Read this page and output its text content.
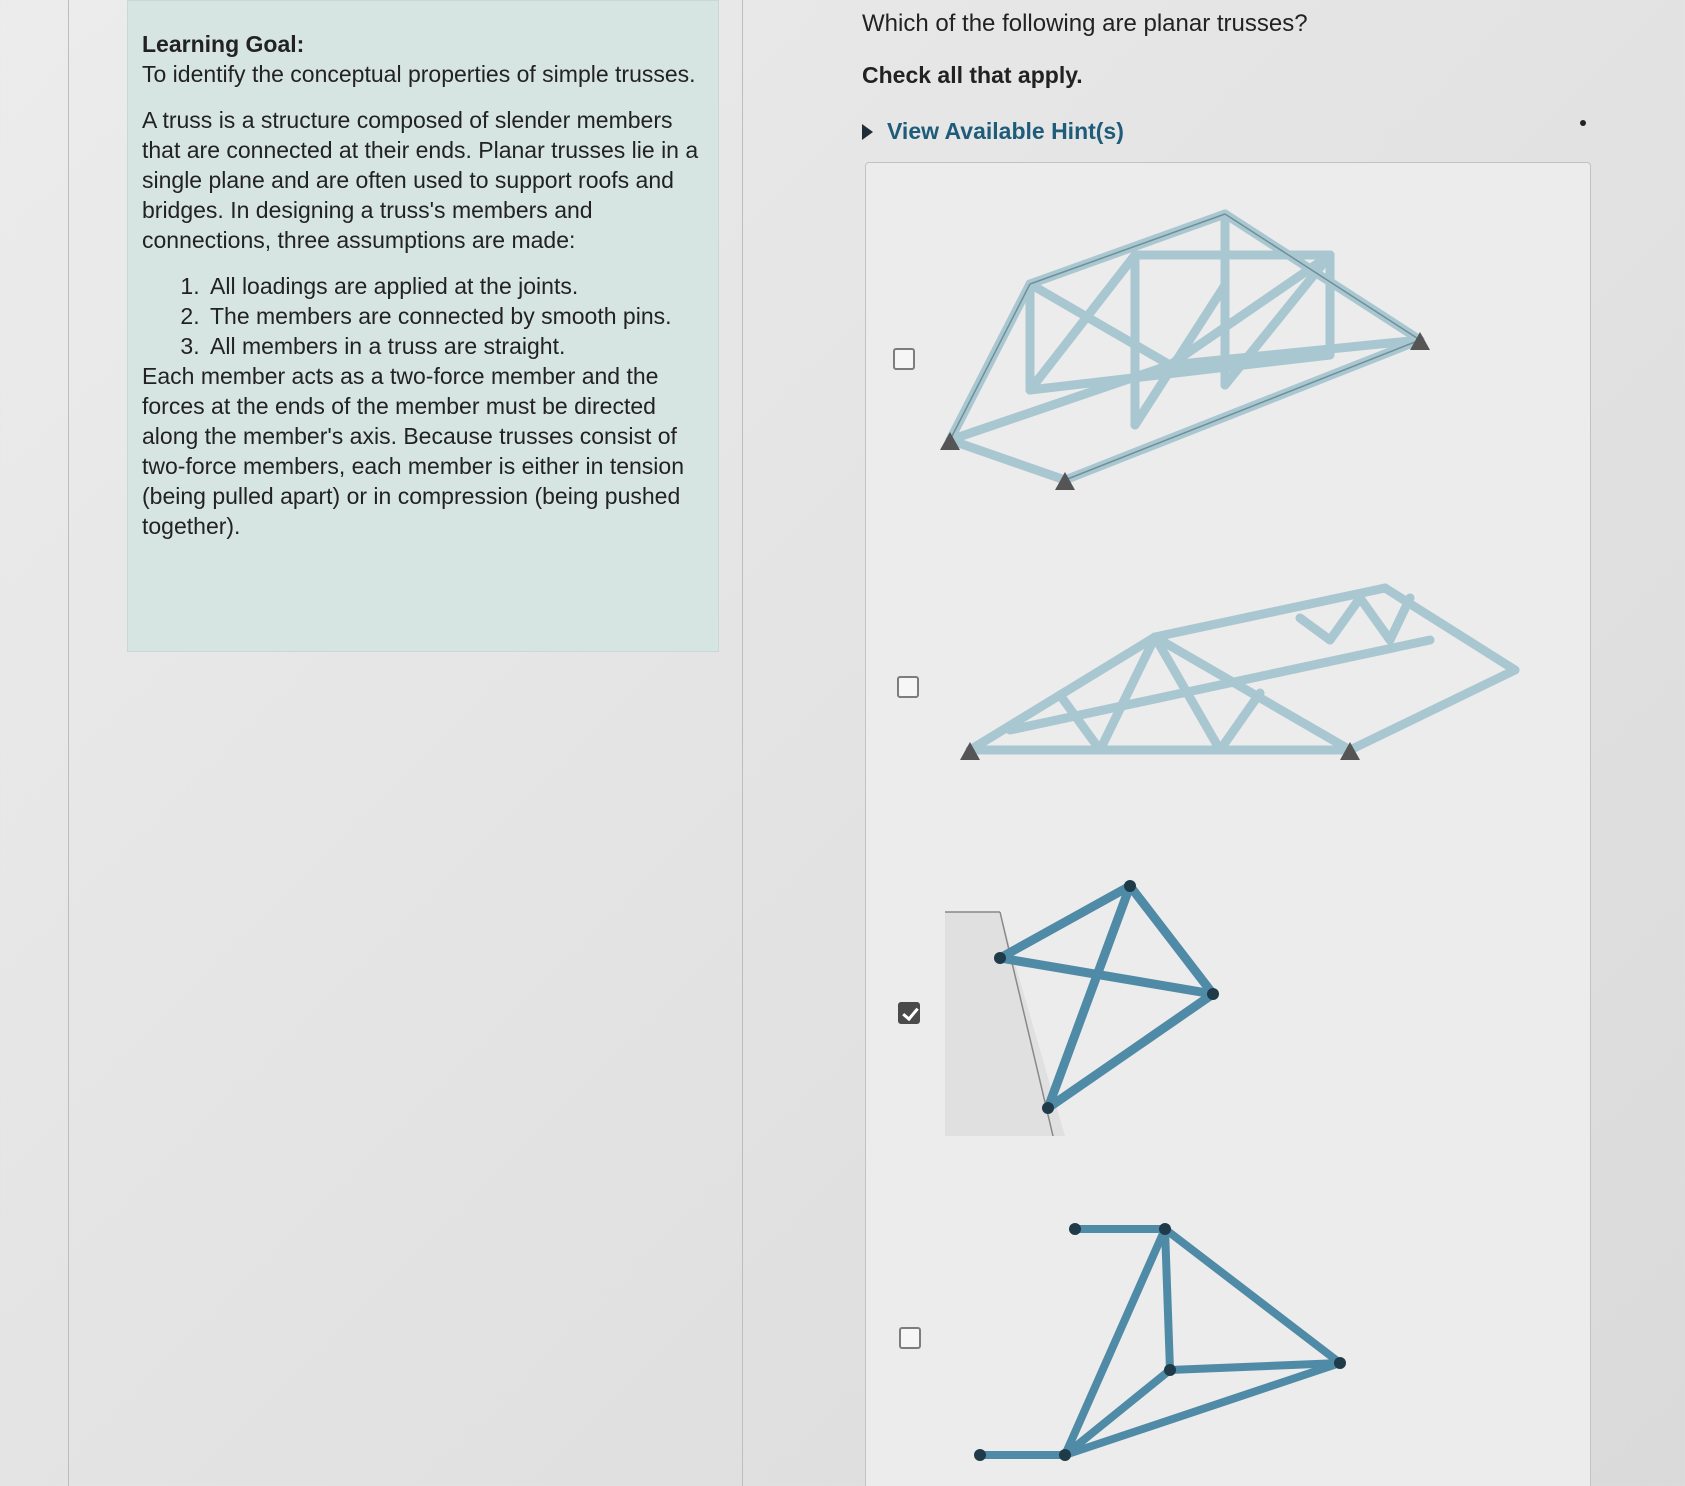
Learning Goal:
To identify the conceptual properties of simple trusses.
A truss is a structure composed of slender members that are connected at their ends. Planar trusses lie in a single plane and are often used to support roofs and bridges. In designing a truss's members and connections, three assumptions are made:
1. All loadings are applied at the joints.
2. The members are connected by smooth pins.
3. All members in a truss are straight.
Each member acts as a two-force member and the forces at the ends of the member must be directed along the member's axis. Because trusses consist of two-force members, each member is either in tension (being pulled apart) or in compression (being pushed together).
Which of the following are planar trusses?
Check all that apply.
View Available Hint(s)
